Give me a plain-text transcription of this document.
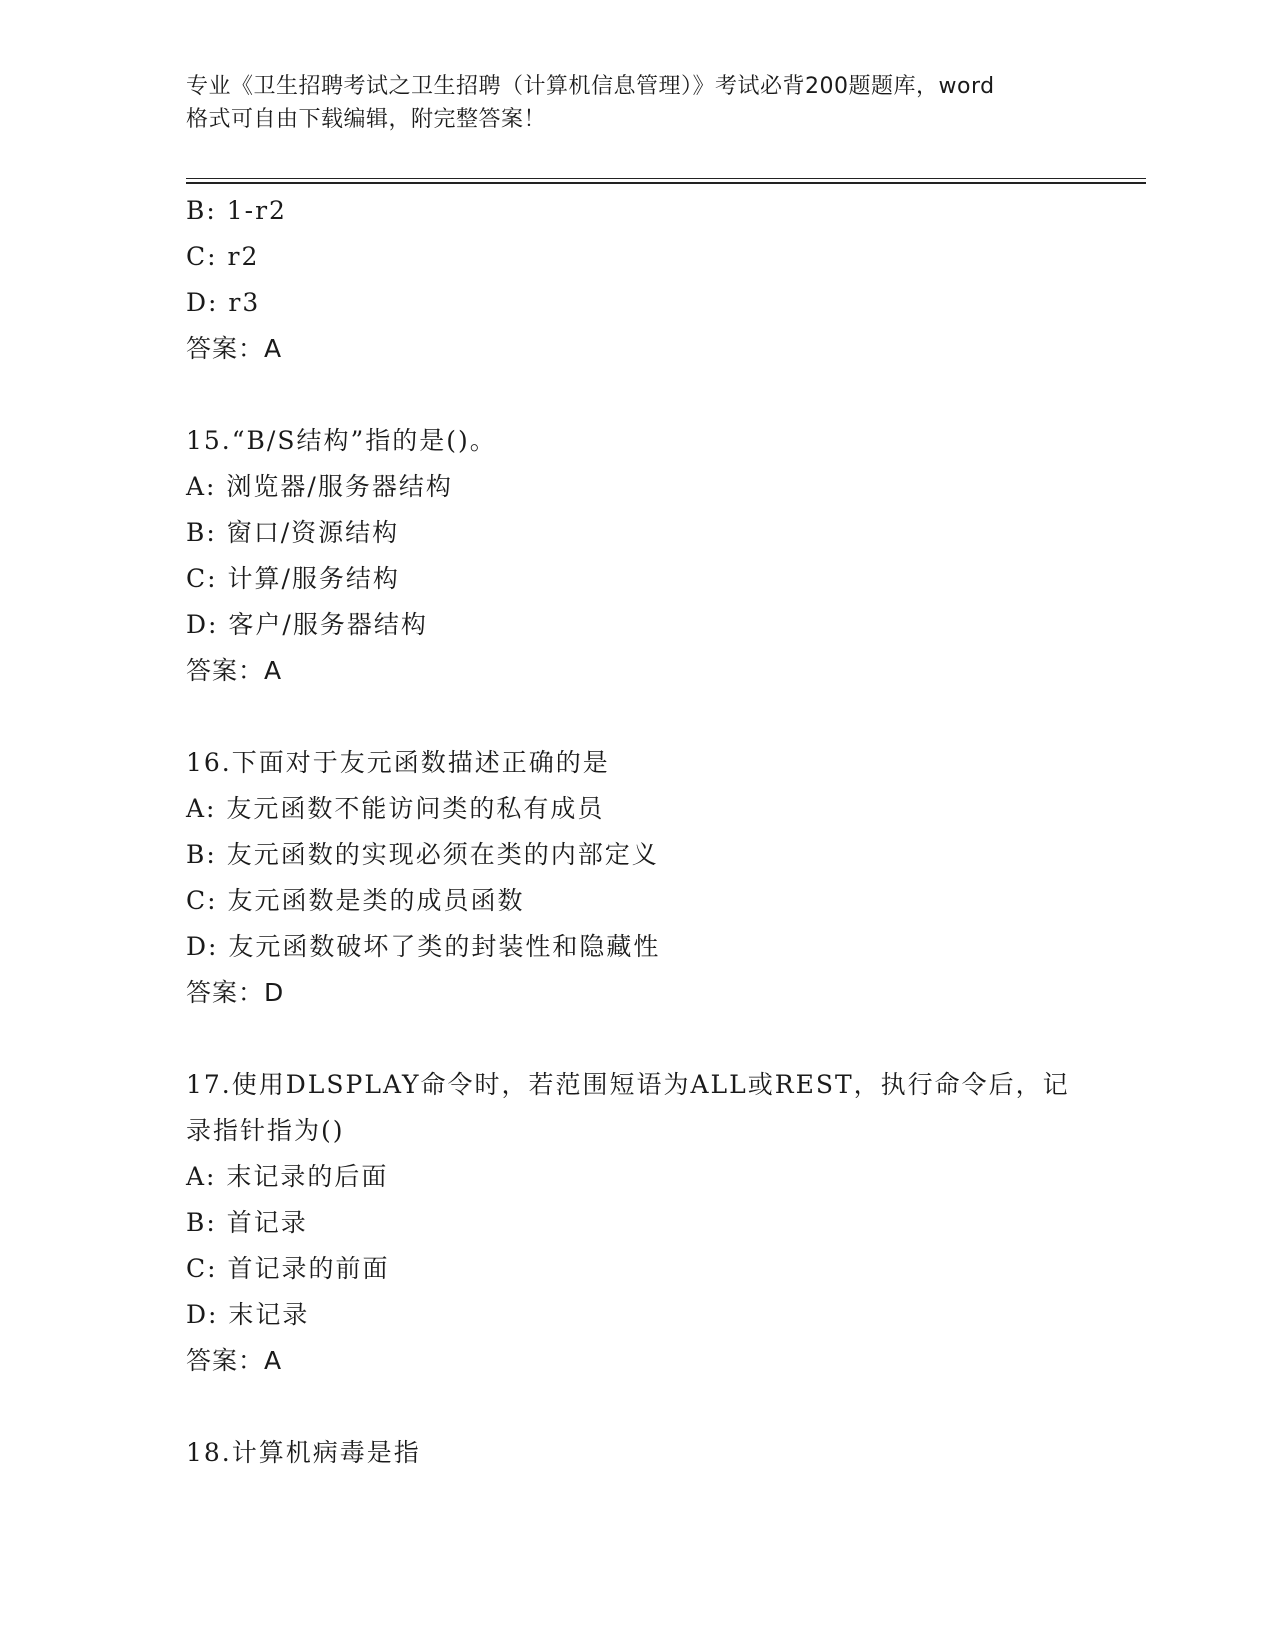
专业《卫生招聘考试之卫生招聘（计算机信息管理）》考试必背200题题库，word
格式可自由下载编辑，附完整答案！
B: 1-r2
C: r2
D: r3
答案：A
15.“B/S结构”指的是()。
A: 浏览器/服务器结构
B: 窗口/资源结构
C: 计算/服务结构
D: 客户/服务器结构
答案：A
16.下面对于友元函数描述正确的是
A: 友元函数不能访问类的私有成员
B: 友元函数的实现必须在类的内部定义
C: 友元函数是类的成员函数
D: 友元函数破坏了类的封装性和隐藏性
答案：D
17.使用DLSPLAY命令时，若范围短语为ALL或REST，执行命令后，记
录指针指为()
A: 末记录的后面
B: 首记录
C: 首记录的前面
D: 末记录
答案：A
18.计算机病毒是指
